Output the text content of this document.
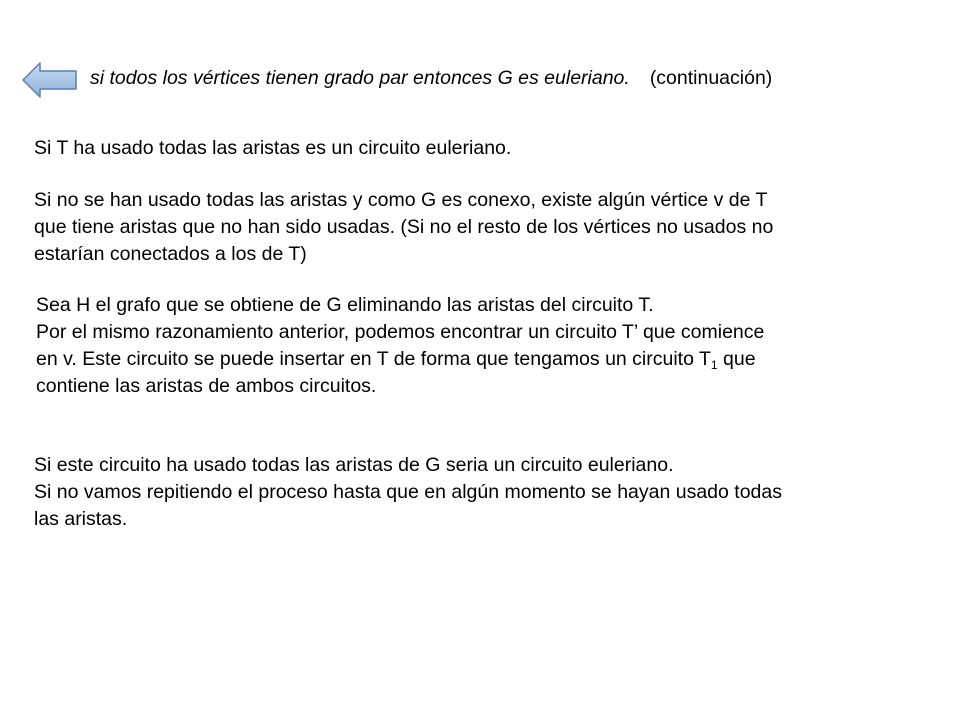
si todos los vértices tienen grado par entonces G es euleriano. (continuación)
Si T ha usado todas las aristas es un circuito euleriano.
Si no se han usado todas las aristas y como G es conexo, existe algún vértice v de T
que tiene aristas que no han sido usadas. (Si no el resto de los vértices no usados no
estarían conectados a los de T)
Sea H el grafo que se obtiene de G eliminando las aristas del circuito T.
Por el mismo razonamiento anterior, podemos encontrar un circuito T’ que comience
en v. Este circuito se puede insertar en T de forma que tengamos un circuito $T_1$ que
contiene las aristas de ambos circuitos.
Si este circuito ha usado todas las aristas de G seria un circuito euleriano.
Si no vamos repitiendo el proceso hasta que en algún momento se hayan usado todas
las aristas.
